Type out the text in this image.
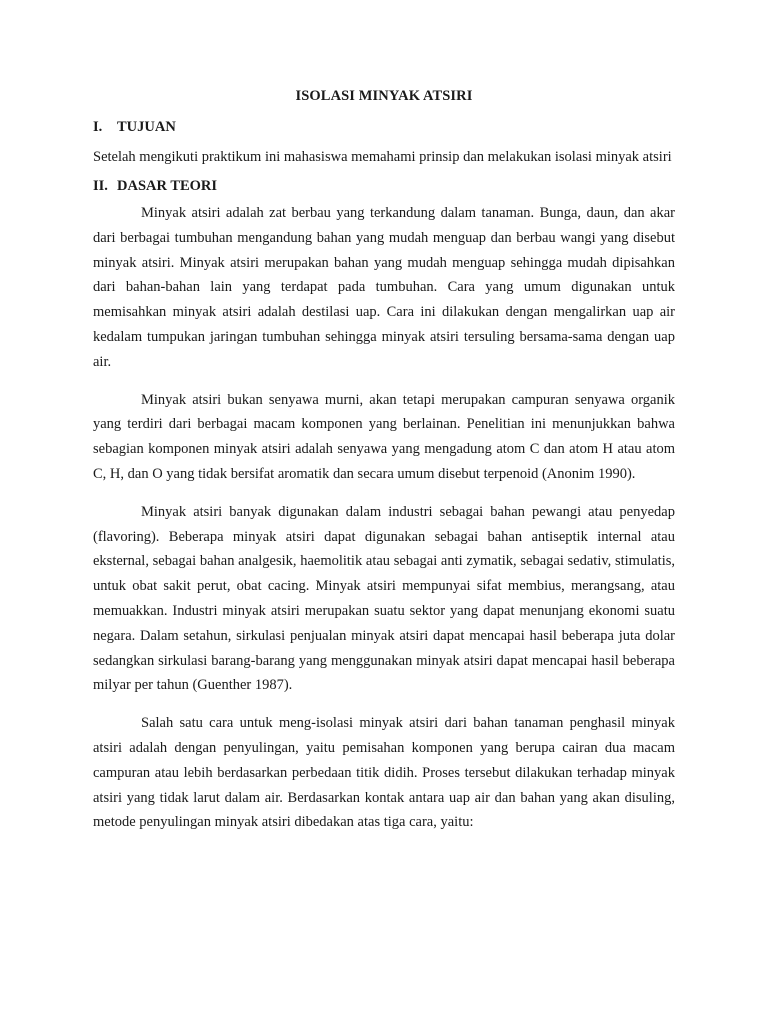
ISOLASI MINYAK ATSIRI
I.	TUJUAN
Setelah mengikuti praktikum ini mahasiswa memahami prinsip dan melakukan isolasi minyak atsiri
II. DASAR TEORI

Minyak atsiri adalah zat berbau yang terkandung dalam tanaman. Bunga, daun, dan akar dari berbagai tumbuhan mengandung bahan yang mudah menguap dan berbau wangi yang disebut minyak atsiri. Minyak atsiri merupakan bahan yang mudah menguap sehingga mudah dipisahkan dari bahan-bahan lain yang terdapat pada tumbuhan. Cara yang umum digunakan untuk memisahkan minyak atsiri adalah destilasi uap. Cara ini dilakukan dengan mengalirkan uap air kedalam tumpukan jaringan tumbuhan sehingga minyak atsiri tersuling bersama-sama dengan uap air.

Minyak atsiri bukan senyawa murni, akan tetapi merupakan campuran senyawa organik yang terdiri dari berbagai macam komponen yang berlainan. Penelitian ini menunjukkan bahwa sebagian komponen minyak atsiri adalah senyawa yang mengadung atom C dan atom H atau atom C, H, dan O yang tidak bersifat aromatik dan secara umum disebut terpenoid (Anonim 1990).

Minyak atsiri banyak digunakan dalam industri sebagai bahan pewangi atau penyedap (flavoring). Beberapa minyak atsiri dapat digunakan sebagai bahan antiseptik internal atau eksternal, sebagai bahan analgesik, haemolitik atau sebagai anti zymatik, sebagai sedativ, stimulatis, untuk obat sakit perut, obat cacing. Minyak atsiri mempunyai sifat membius, merangsang, atau memuakkan. Industri minyak atsiri merupakan suatu sektor yang dapat menunjang ekonomi suatu negara. Dalam setahun, sirkulasi penjualan minyak atsiri dapat mencapai hasil beberapa juta dolar sedangkan sirkulasi barang-barang yang menggunakan minyak atsiri dapat mencapai hasil beberapa milyar per tahun (Guenther 1987).

Salah satu cara untuk meng-isolasi minyak atsiri dari bahan tanaman penghasil minyak atsiri adalah dengan penyulingan, yaitu pemisahan komponen yang berupa cairan dua macam campuran atau lebih berdasarkan perbedaan titik didih. Proses tersebut dilakukan terhadap minyak atsiri yang tidak larut dalam air. Berdasarkan kontak antara uap air dan bahan yang akan disuling, metode penyulingan minyak atsiri dibedakan atas tiga cara, yaitu:
